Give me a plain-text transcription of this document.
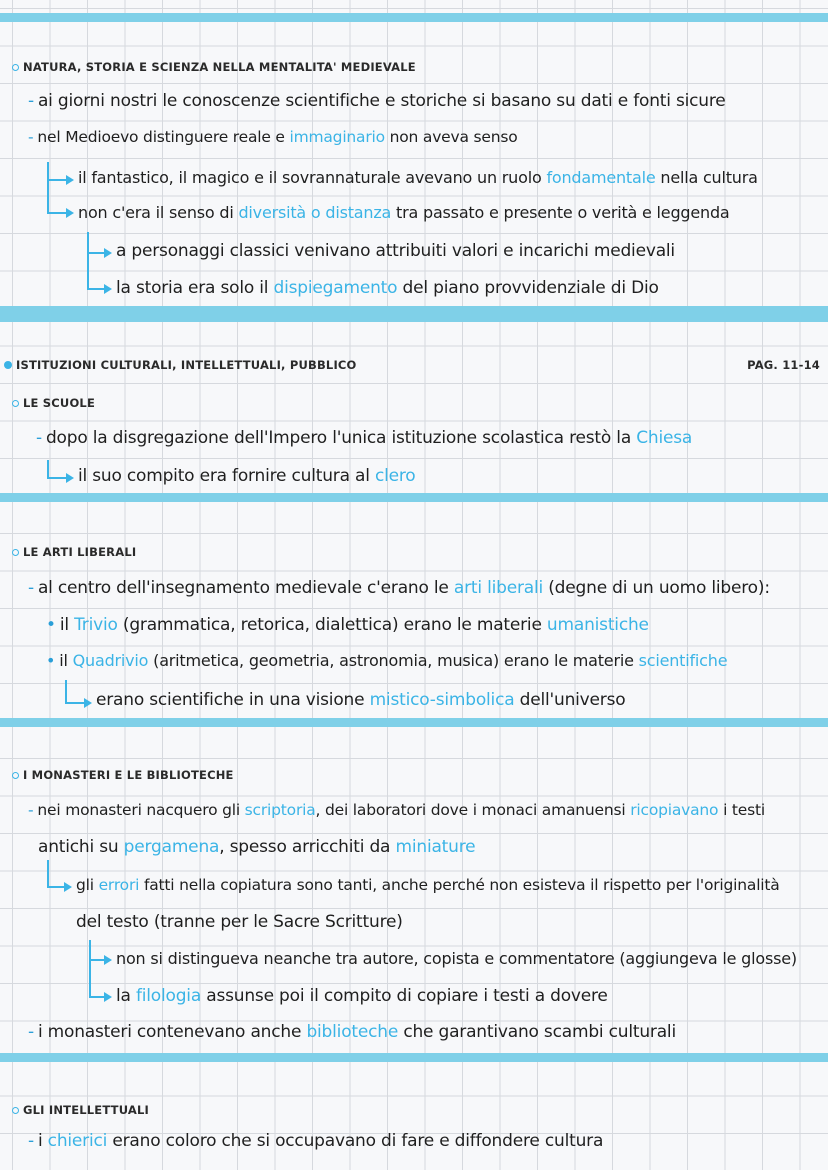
NATURA, STORIA E SCIENZA NELLA MENTALITA' MEDIEVALE
- ai giorni nostri le conoscenze scientifiche e storiche si basano su dati e fonti sicure
- nel Medioevo distinguere reale e immaginario non aveva senso
il fantastico, il magico e il sovrannaturale avevano un ruolo fondamentale nella cultura
non c'era il senso di diversità o distanza tra passato e presente o verità e leggenda
a personaggi classici venivano attribuiti valori e incarichi medievali
la storia era solo il dispiegamento del piano provvidenziale di Dio
ISTITUZIONI CULTURALI, INTELLETTUALI, PUBBLICO	PAG. 11-14
LE SCUOLE
- dopo la disgregazione dell'Impero l'unica istituzione scolastica restò la Chiesa
il suo compito era fornire cultura al clero
LE ARTI LIBERALI
- al centro dell'insegnamento medievale c'erano le arti liberali (degne di un uomo libero):
• il Trivio (grammatica, retorica, dialettica) erano le materie umanistiche
• il Quadrivio (aritmetica, geometria, astronomia, musica) erano le materie scientifiche
erano scientifiche in una visione mistico-simbolica dell'universo
I MONASTERI E LE BIBLIOTECHE
- nei monasteri nacquero gli scriptoria, dei laboratori dove i monaci amanuensi ricopiavano i testi
antichi su pergamena, spesso arricchiti da miniature
gli errori fatti nella copiatura sono tanti, anche perché non esisteva il rispetto per l'originalità
del testo (tranne per le Sacre Scritture)
non si distingueva neanche tra autore, copista e commentatore (aggiungeva le glosse)
la filologia assunse poi il compito di copiare i testi a dovere
- i monasteri contenevano anche biblioteche che garantivano scambi culturali
GLI INTELLETTUALI
- i chierici erano coloro che si occupavano di fare e diffondere cultura
